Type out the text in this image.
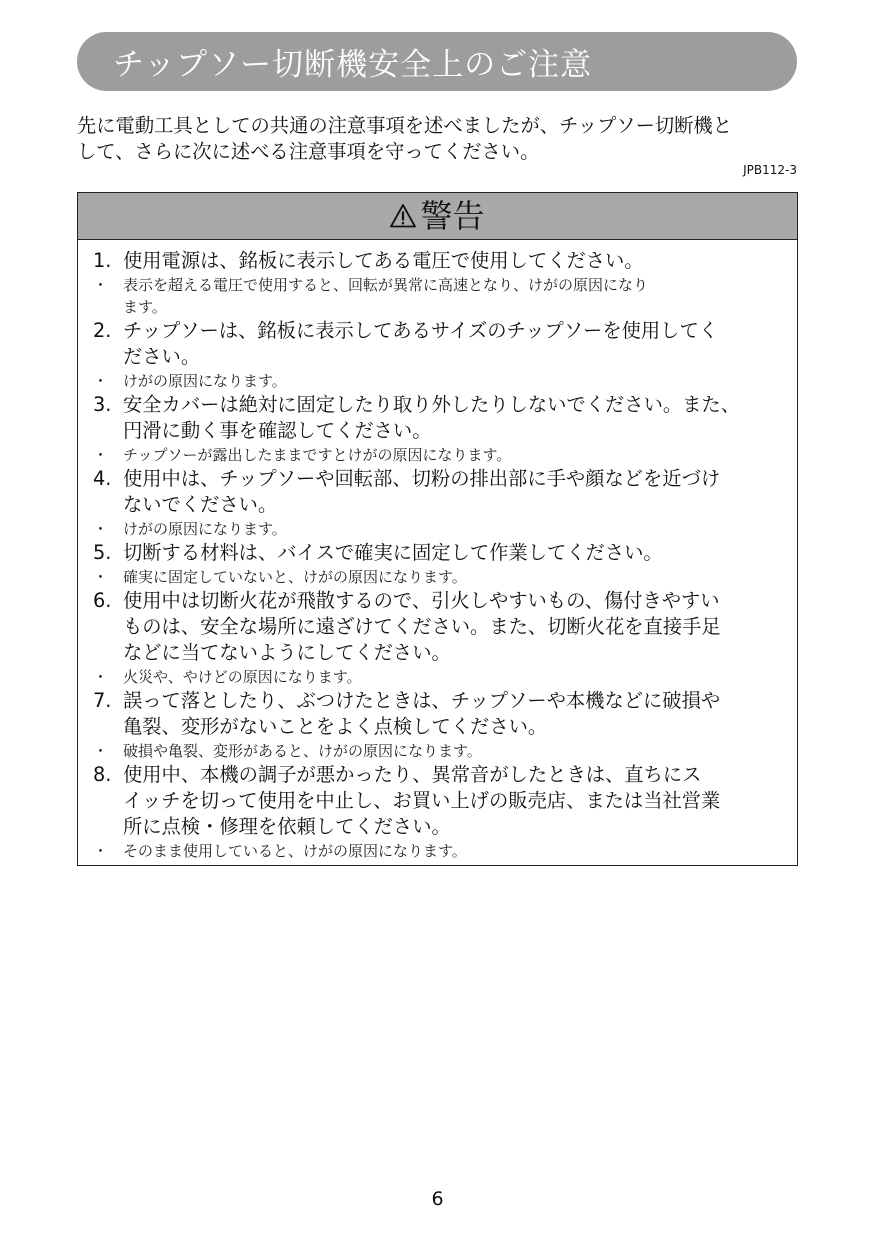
チップソー切断機安全上のご注意
先に電動工具としての共通の注意事項を述べましたが、チップソー切断機と
して、さらに次に述べる注意事項を守ってください。
JPB112-3
警告
1. 使用電源は、銘板に表示してある電圧で使用してください。
・ 表示を超える電圧で使用すると、回転が異常に高速となり、けがの原因になり
ます。
2. チップソーは、銘板に表示してあるサイズのチップソーを使用してく
ださい。
・ けがの原因になります。
3. 安全カバーは絶対に固定したり取り外したりしないでください。また、
円滑に動く事を確認してください。
・ チップソーが露出したままですとけがの原因になります。
4. 使用中は、チップソーや回転部、切粉の排出部に手や顔などを近づけ
ないでください。
・ けがの原因になります。
5. 切断する材料は、バイスで確実に固定して作業してください。
・ 確実に固定していないと、けがの原因になります。
6. 使用中は切断火花が飛散するので、引火しやすいもの、傷付きやすい
ものは、安全な場所に遠ざけてください。また、切断火花を直接手足
などに当てないようにしてください。
・ 火災や、やけどの原因になります。
7. 誤って落としたり、ぶつけたときは、チップソーや本機などに破損や
亀裂、変形がないことをよく点検してください。
・ 破損や亀裂、変形があると、けがの原因になります。
8. 使用中、本機の調子が悪かったり、異常音がしたときは、直ちにス
イッチを切って使用を中止し、お買い上げの販売店、または当社営業
所に点検・修理を依頼してください。
・ そのまま使用していると、けがの原因になります。
6
